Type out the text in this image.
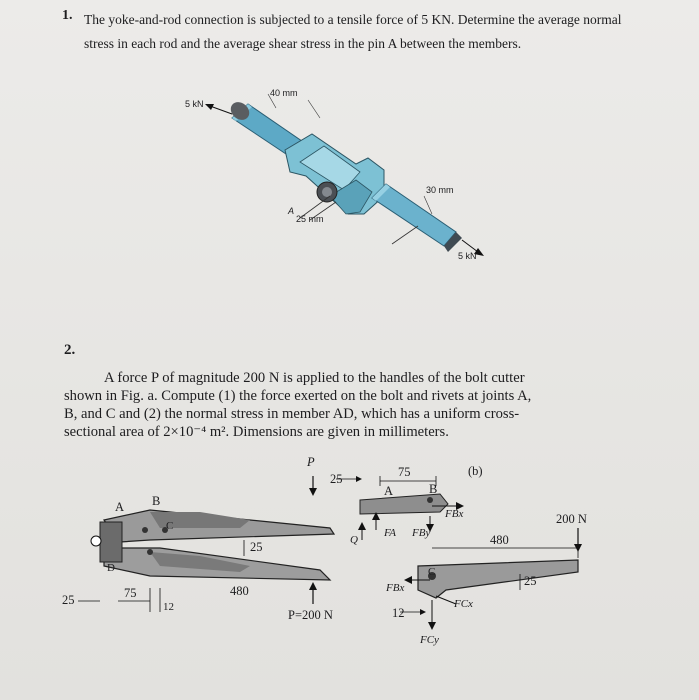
1. The yoke-and-rod connection is subjected to a tensile force of 5 KN. Determine the average normal stress in each rod and the average shear stress in the pin A between the members.
5 kN
40 mm
30 mm
A
25 mm
5 kN
2.
A force P of magnitude 200 N is applied to the handles of the bolt cutter
shown in Fig. a. Compute (1) the force exerted on the bolt and rivets at joints A,
B, and C and (2) the normal stress in member AD, which has a uniform cross-
sectional area of 2×10⁻⁴ m². Dimensions are given in millimeters.
P
A B
C
D
25
25	75
12
480
P=200 N
(b)
25	75
A	B
FBx
FA FBy
Q	480
200 N
25
FBx
C
FCx
FCy
12
